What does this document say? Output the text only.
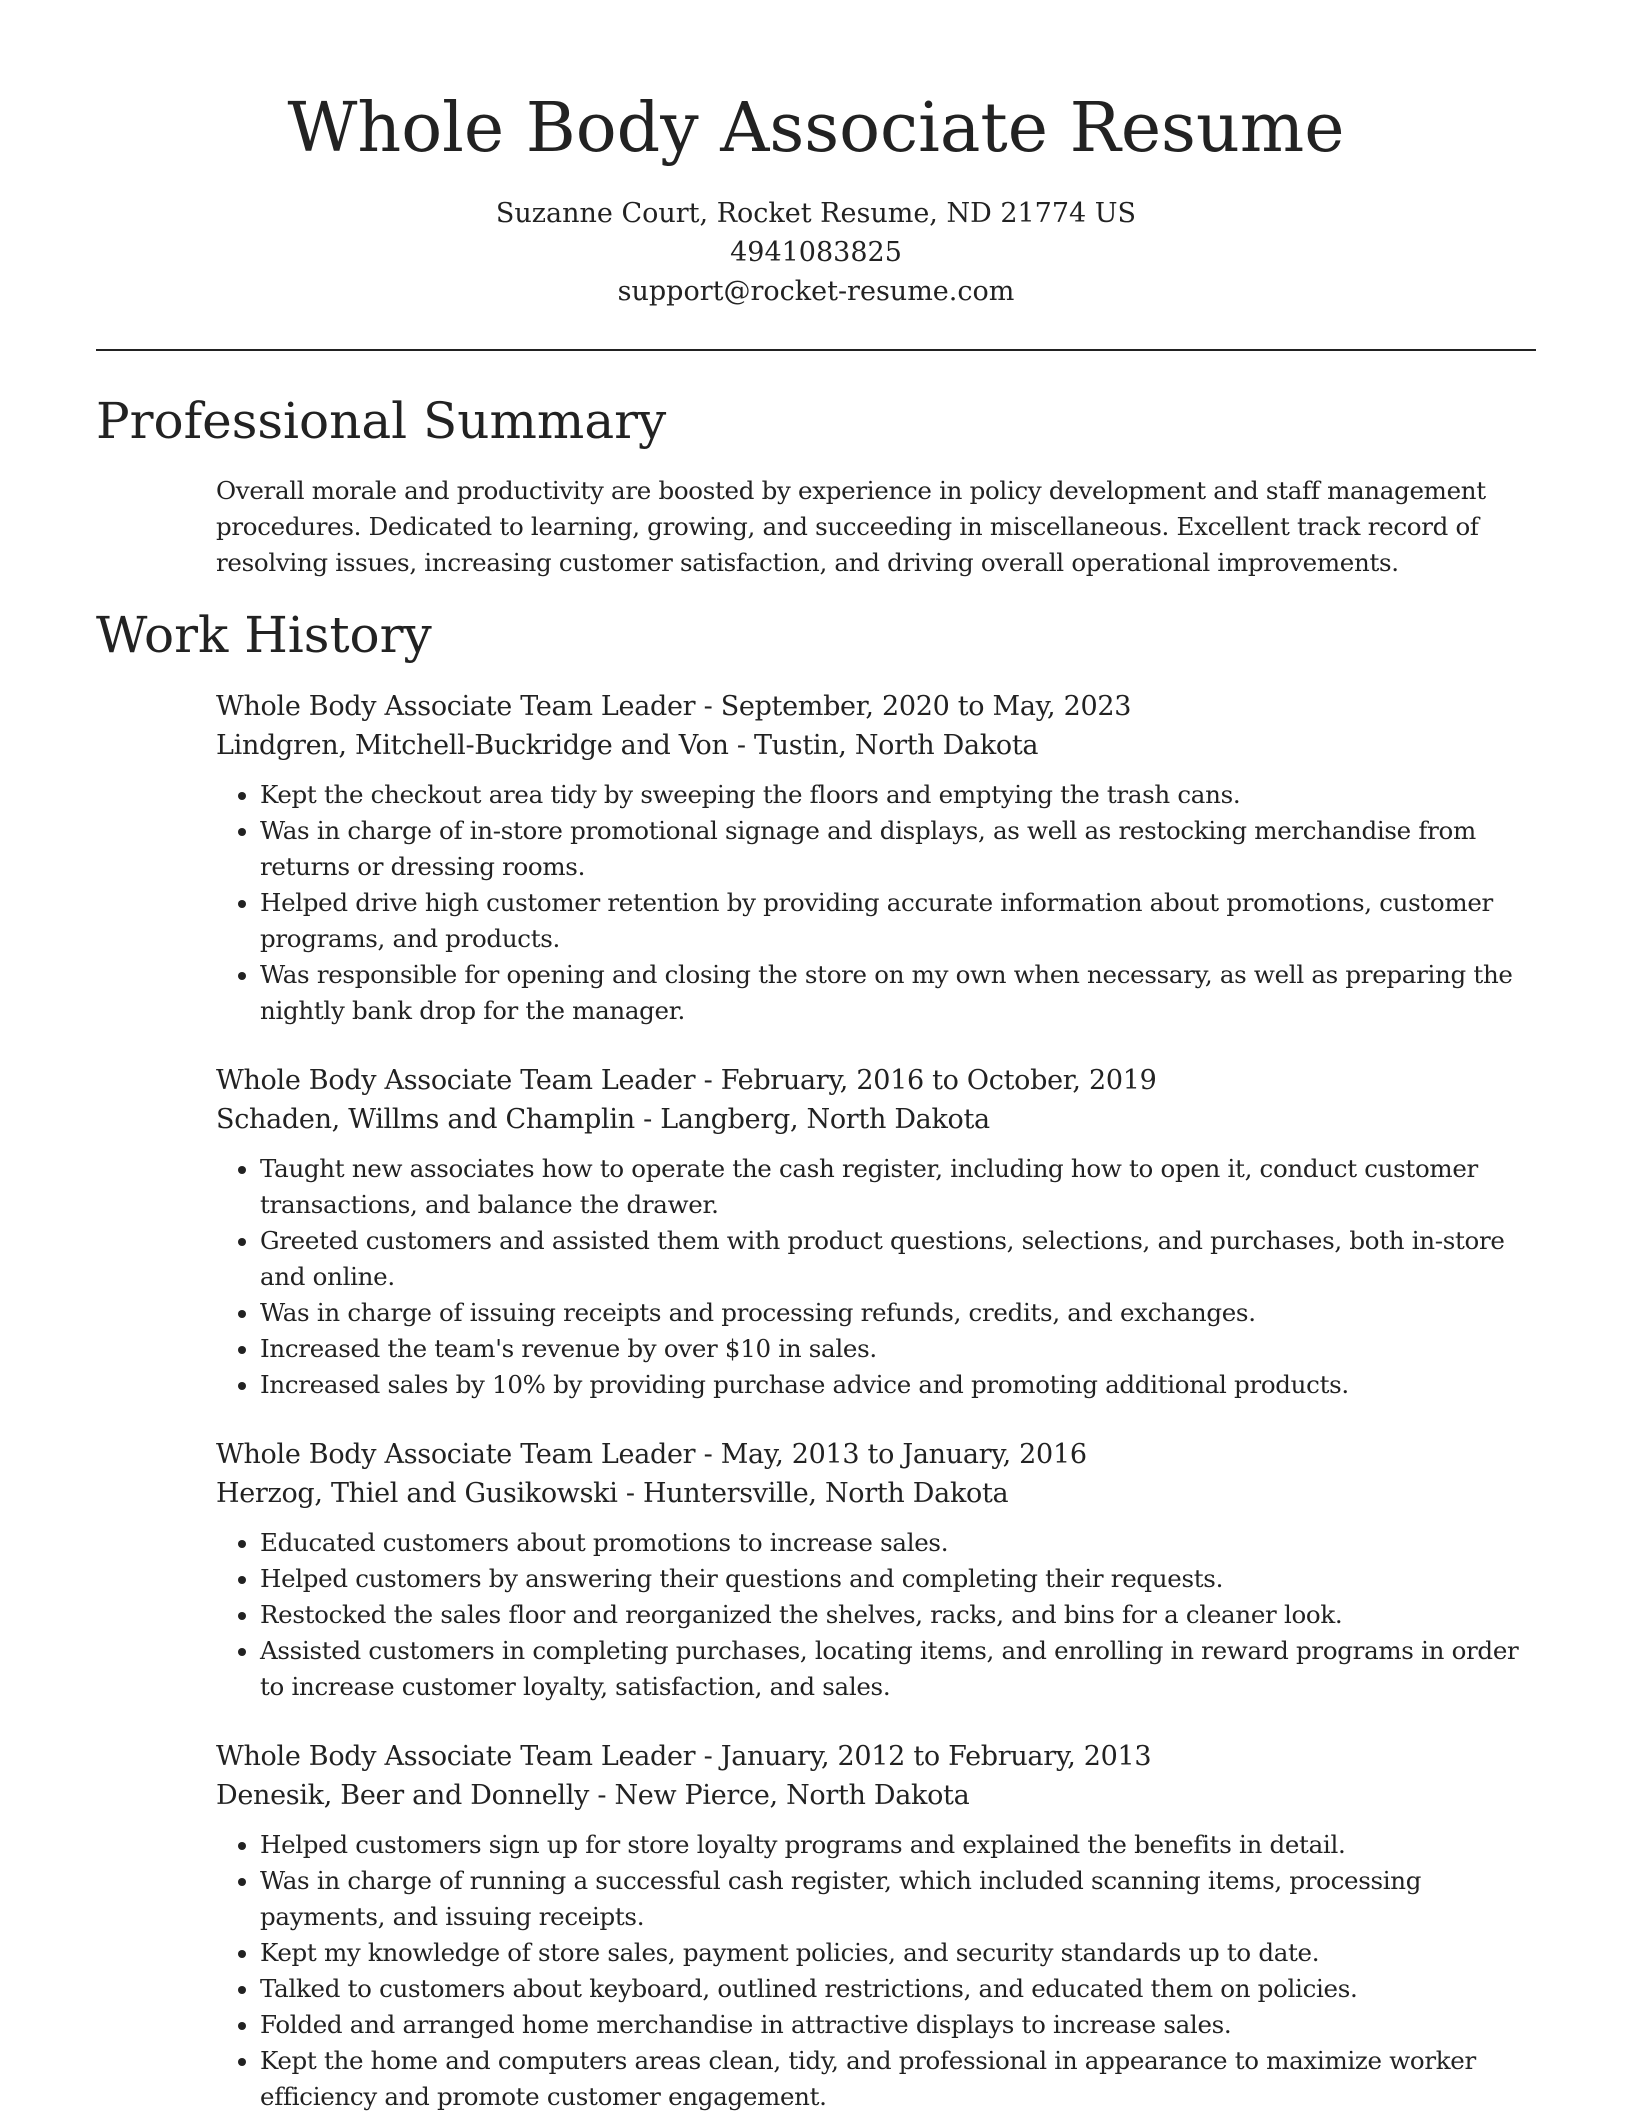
Whole Body Associate Resume
Suzanne Court, Rocket Resume, ND 21774 US
4941083825
support@rocket-resume.com
Professional Summary

Overall morale and productivity are boosted by experience in policy development and staff management procedures. Dedicated to learning, growing, and succeeding in miscellaneous. Excellent track record of resolving issues, increasing customer satisfaction, and driving overall operational improvements.

Work History
Whole Body Associate Team Leader - September, 2020 to May, 2023
Lindgren, Mitchell-Buckridge and Von - Tustin, North Dakota
• Kept the checkout area tidy by sweeping the floors and emptying the trash cans.
• Was in charge of in-store promotional signage and displays, as well as restocking merchandise from returns or dressing rooms.
• Helped drive high customer retention by providing accurate information about promotions, customer programs, and products.
• Was responsible for opening and closing the store on my own when necessary, as well as preparing the nightly bank drop for the manager.
Whole Body Associate Team Leader - February, 2016 to October, 2019
Schaden, Willms and Champlin - Langberg, North Dakota
• Taught new associates how to operate the cash register, including how to open it, conduct customer transactions, and balance the drawer.
• Greeted customers and assisted them with product questions, selections, and purchases, both in-store and online.
• Was in charge of issuing receipts and processing refunds, credits, and exchanges.
• Increased the team's revenue by over $10 in sales.
• Increased sales by 10% by providing purchase advice and promoting additional products.
Whole Body Associate Team Leader - May, 2013 to January, 2016
Herzog, Thiel and Gusikowski - Huntersville, North Dakota
• Educated customers about promotions to increase sales.
• Helped customers by answering their questions and completing their requests.
• Restocked the sales floor and reorganized the shelves, racks, and bins for a cleaner look.
• Assisted customers in completing purchases, locating items, and enrolling in reward programs in order to increase customer loyalty, satisfaction, and sales.
Whole Body Associate Team Leader - January, 2012 to February, 2013
Denesik, Beer and Donnelly - New Pierce, North Dakota
• Helped customers sign up for store loyalty programs and explained the benefits in detail.
• Was in charge of running a successful cash register, which included scanning items, processing payments, and issuing receipts.
• Kept my knowledge of store sales, payment policies, and security standards up to date.
• Talked to customers about keyboard, outlined restrictions, and educated them on policies.
• Folded and arranged home merchandise in attractive displays to increase sales.
• Kept the home and computers areas clean, tidy, and professional in appearance to maximize worker efficiency and promote customer engagement.
